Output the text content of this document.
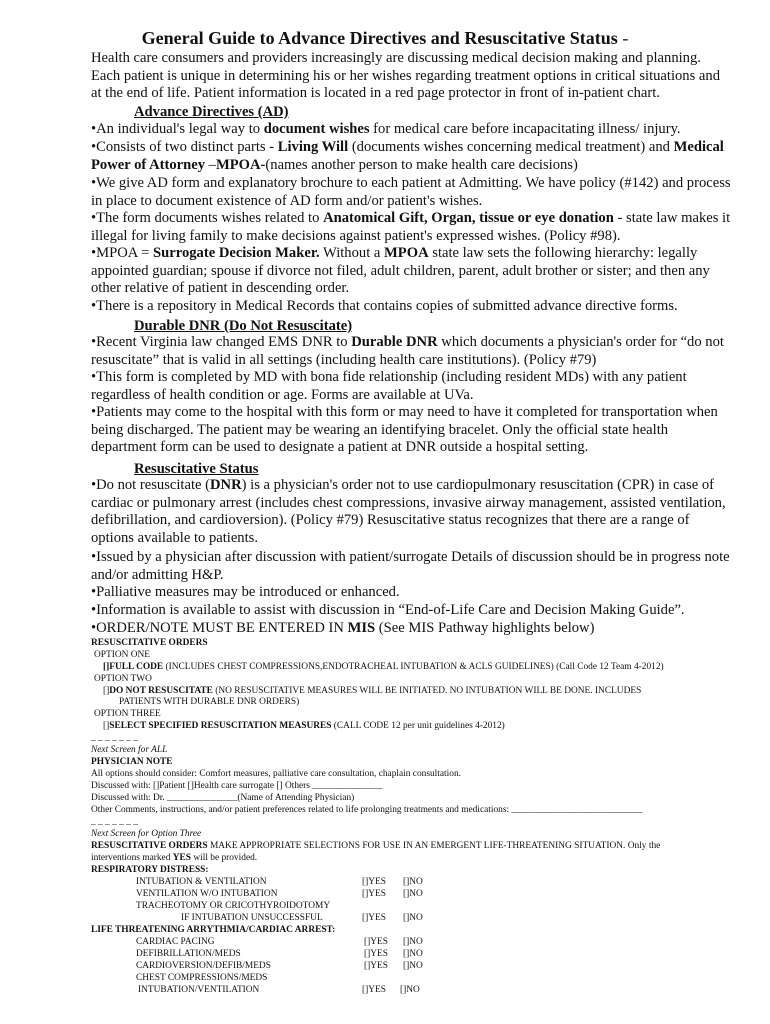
General Guide to Advance Directives and Resuscitative Status -
Health care consumers and providers increasingly are discussing medical decision making and planning. Each patient is unique in determining his or her wishes regarding treatment options in critical situations and at the end of life. Patient information is located in a red page protector in front of in-patient chart.
Advance Directives (AD)
•An individual's legal way to document wishes for medical care before incapacitating illness/ injury.
•Consists of two distinct parts - Living Will (documents wishes concerning medical treatment) and Medical Power of Attorney –MPOA-(names another person to make health care decisions)
•We give AD form and explanatory brochure to each patient at Admitting. We have policy (#142) and process in place to document existence of AD form and/or patient's wishes.
•The form documents wishes related to Anatomical Gift, Organ, tissue or eye donation - state law makes it illegal for living family to make decisions against patient's expressed wishes. (Policy #98).
•MPOA = Surrogate Decision Maker. Without a MPOA state law sets the following hierarchy: legally appointed guardian; spouse if divorce not filed, adult children, parent, adult brother or sister; and then any other relative of patient in descending order.
•There is a repository in Medical Records that contains copies of submitted advance directive forms.
Durable DNR (Do Not Resuscitate)
•Recent Virginia law changed EMS DNR to Durable DNR which documents a physician's order for “do not resuscitate” that is valid in all settings (including health care institutions). (Policy #79)
•This form is completed by MD with bona fide relationship (including resident MDs) with any patient regardless of health condition or age. Forms are available at UVa.
•Patients may come to the hospital with this form or may need to have it completed for transportation when being discharged. The patient may be wearing an identifying bracelet. Only the official state health department form can be used to designate a patient at DNR outside a hospital setting.
Resuscitative Status
•Do not resuscitate (DNR) is a physician's order not to use cardiopulmonary resuscitation (CPR) in case of cardiac or pulmonary arrest (includes chest compressions, invasive airway management, assisted ventilation, defibrillation, and cardioversion). (Policy #79) Resuscitative status recognizes that there are a range of options available to patients.
•Issued by a physician after discussion with patient/surrogate Details of discussion should be in progress note and/or admitting H&P.
•Palliative measures may be introduced or enhanced.
•Information is available to assist with discussion in “End-of-Life Care and Decision Making Guide”.
•ORDER/NOTE MUST BE ENTERED IN MIS (See MIS Pathway highlights below)
RESUSCITATIVE ORDERS
OPTION ONE
[]FULL CODE (INCLUDES CHEST COMPRESSIONS,ENDOTRACHEAL INTUBATION & ACLS GUIDELINES) (Call Code 12 Team 4-2012)
OPTION TWO
[]DO NOT RESUSCITATE (NO RESUSCITATIVE MEASURES WILL BE INITIATED. NO INTUBATION WILL BE DONE. INCLUDES
PATIENTS WITH DURABLE DNR ORDERS)
OPTION THREE
[]SELECT SPECIFIED RESUSCITATION MEASURES (CALL CODE 12 per unit guidelines 4-2012)
_ _ _ _ _ _ _
Next Screen for ALL
PHYSICIAN NOTE
All options should consider: Comfort measures, palliative care consultation, chaplain consultation.
Discussed with: []Patient []Health care surrogate [] Others _______________
Discussed with: Dr. _______________(Name of Attending Physician)
Other Comments, instructions, and/or patient preferences related to life prolonging treatments and medications: ____________________________
_ _ _ _ _ _ _
Next Screen for Option Three
RESUSCITATIVE ORDERS MAKE APPROPRIATE SELECTIONS FOR USE IN AN EMERGENT LIFE-THREATENING SITUATION. Only the
interventions marked YES will be provided.
RESPIRATORY DISTRESS:
INTUBATION & VENTILATION	[]YES []NO
VENTILATION W/O INTUBATION	[]YES []NO
TRACHEOTOMY OR CRICOTHYROIDOTOMY
IF INTUBATION UNSUCCESSFUL	[]YES []NO
LIFE THREATENING ARRYTHMIA/CARDIAC ARREST:
CARDIAC PACING	[]YES []NO
DEFIBRILLATION/MEDS	[]YES []NO
CARDIOVERSION/DEFIB/MEDS	[]YES []NO
CHEST COMPRESSIONS/MEDS
INTUBATION/VENTILATION	[]YES []NO
